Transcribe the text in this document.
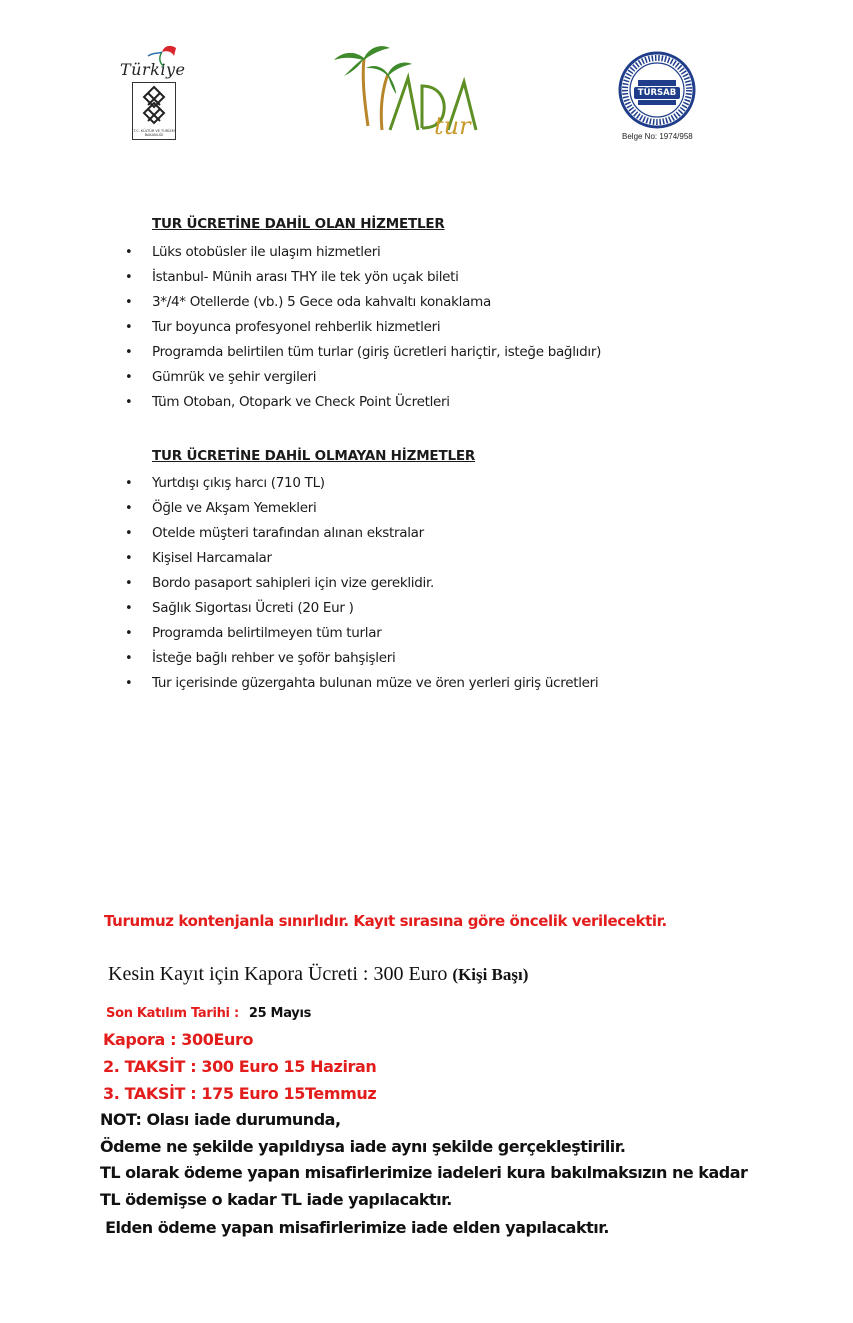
Türkiye
T.C. KÜLTÜR VE TURİZM BAKANLIĞI	tur
TÜRSAB
Belge No: 1974/958
TUR ÜCRETİNE DAHİL OLAN HİZMETLER
• Lüks otobüsler ile ulaşım hizmetleri
• İstanbul- Münih arası THY ile tek yön uçak bileti
• 3*/4* Otellerde (vb.) 5 Gece oda kahvaltı konaklama
• Tur boyunca profesyonel rehberlik hizmetleri
• Programda belirtilen tüm turlar (giriş ücretleri hariçtir, isteğe bağlıdır)
• Gümrük ve şehir vergileri
• Tüm Otoban, Otopark ve Check Point Ücretleri
TUR ÜCRETİNE DAHİL OLMAYAN HİZMETLER
• Yurtdışı çıkış harcı (710 TL)
• Öğle ve Akşam Yemekleri
• Otelde müşteri tarafından alınan ekstralar
• Kişisel Harcamalar
• Bordo pasaport sahipleri için vize gereklidir.
• Sağlık Sigortası Ücreti (20 Eur )
• Programda belirtilmeyen tüm turlar
• İsteğe bağlı rehber ve şoför bahşişleri
• Tur içerisinde güzergahta bulunan müze ve ören yerleri giriş ücretleri
Turumuz kontenjanla sınırlıdır. Kayıt sırasına göre öncelik verilecektir.
Kesin Kayıt için Kapora Ücreti : 300 Euro (Kişi Başı)
Son Katılım Tarihi : 25 Mayıs
Kapora : 300Euro
2. TAKSİT : 300 Euro 15 Haziran
3. TAKSİT : 175 Euro 15Temmuz
NOT: Olası iade durumunda,
Ödeme ne şekilde yapıldıysa iade aynı şekilde gerçekleştirilir.
TL olarak ödeme yapan misafirlerimize iadeleri kura bakılmaksızın ne kadar
TL ödemişse o kadar TL iade yapılacaktır.
Elden ödeme yapan misafirlerimize iade elden yapılacaktır.
